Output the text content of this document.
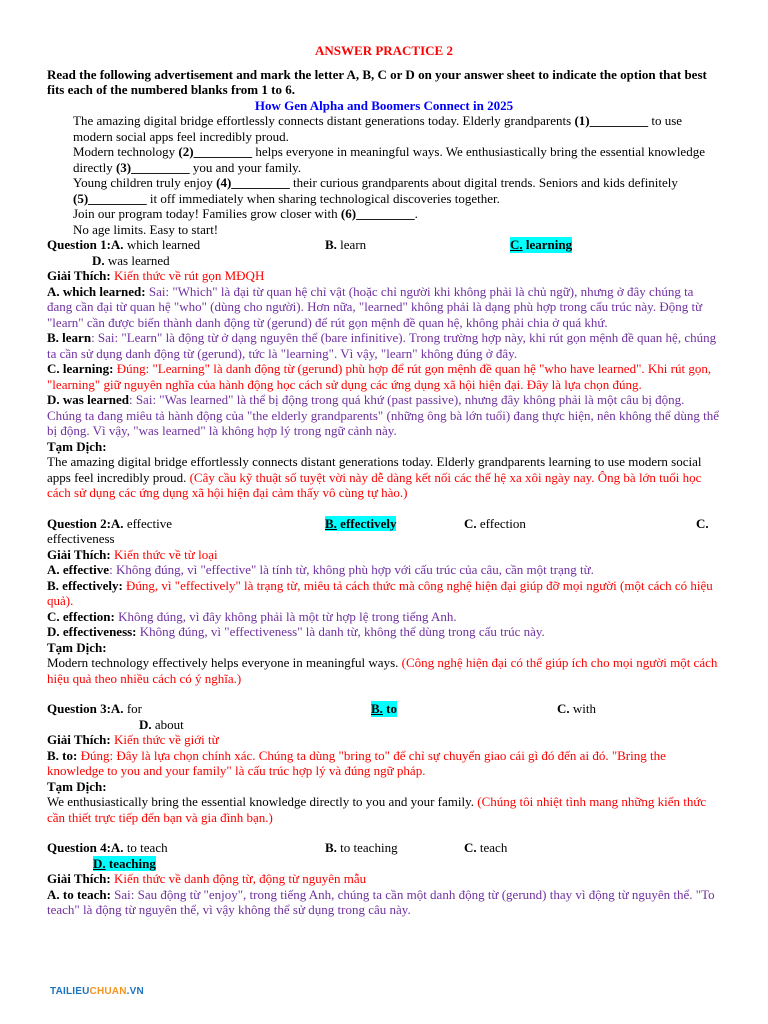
ANSWER PRACTICE 2
Read the following advertisement and mark the letter A, B, C or D on your answer sheet to indicate the option that best fits each of the numbered blanks from 1 to 6.
How Gen Alpha and Boomers Connect in 2025
The amazing digital bridge effortlessly connects distant generations today. Elderly grandparents (1)_________ to use modern social apps feel incredibly proud.
Modern technology (2)_________ helps everyone in meaningful ways. We enthusiastically bring the essential knowledge directly (3)_________ you and your family.
Young children truly enjoy (4)_________ their curious grandparents about digital trends. Seniors and kids definitely (5)_________ it off immediately when sharing technological discoveries together.
Join our program today! Families grow closer with (6)_________.
No age limits. Easy to start!
Question 1:A. which learned	B. learn	C. learning
D. was learned
Giải Thích: Kiến thức về rút gọn MĐQH
A. which learned: Sai: "Which" là đại từ quan hệ chỉ vật (hoặc chỉ người khi không phải là chủ ngữ), nhưng ở đây chúng ta đang cần đại từ quan hệ "who" (dùng cho người). Hơn nữa, "learned" không phải là dạng phù hợp trong cấu trúc này. Động từ "learn" cần được biến thành danh động từ (gerund) để rút gọn mệnh đề quan hệ, không phải chia ở quá khứ.
B. learn: Sai: "Learn" là động từ ở dạng nguyên thể (bare infinitive). Trong trường hợp này, khi rút gọn mệnh đề quan hệ, chúng ta cần sử dụng danh động từ (gerund), tức là "learning". Vì vậy, "learn" không đúng ở đây.
C. learning: Đúng: "Learning" là danh động từ (gerund) phù hợp để rút gọn mệnh đề quan hệ "who have learned". Khi rút gọn, "learning" giữ nguyên nghĩa của hành động học cách sử dụng các ứng dụng xã hội hiện đại. Đây là lựa chọn đúng.
D. was learned: Sai: "Was learned" là thể bị động trong quá khứ (past passive), nhưng đây không phải là một câu bị động. Chúng ta đang miêu tả hành động của "the elderly grandparents" (những ông bà lớn tuổi) đang thực hiện, nên không thể dùng thể bị động. Vì vậy, "was learned" là không hợp lý trong ngữ cảnh này.
Tạm Dịch:
The amazing digital bridge effortlessly connects distant generations today. Elderly grandparents learning to use modern social apps feel incredibly proud. (Cây cầu kỹ thuật số tuyệt vời này dễ dàng kết nối các thế hệ xa xôi ngày nay. Ông bà lớn tuổi học cách sử dụng các ứng dụng xã hội hiện đại cảm thấy vô cùng tự hào.)
Question 2:A. effective	B. effectively	C. effection	C.
effectiveness
Giải Thích: Kiến thức về từ loại
A. effective: Không đúng, vì "effective" là tính từ, không phù hợp với cấu trúc của câu, cần một trạng từ.
B. effectively: Đúng, vì "effectively" là trạng từ, miêu tả cách thức mà công nghệ hiện đại giúp đỡ mọi người (một cách có hiệu quả).
C. effection: Không đúng, vì đây không phải là một từ hợp lệ trong tiếng Anh.
D. effectiveness: Không đúng, vì "effectiveness" là danh từ, không thể dùng trong cấu trúc này.
Tạm Dịch:
Modern technology effectively helps everyone in meaningful ways. (Công nghệ hiện đại có thể giúp ích cho mọi người một cách hiệu quả theo nhiều cách có ý nghĩa.)
Question 3:A. for	B. to	C. with
D. about
Giải Thích: Kiến thức về giới từ
B. to: Đúng: Đây là lựa chọn chính xác. Chúng ta dùng "bring to" để chỉ sự chuyển giao cái gì đó đến ai đó. "Bring the knowledge to you and your family" là cấu trúc hợp lý và đúng ngữ pháp.
Tạm Dịch:
We enthusiastically bring the essential knowledge directly to you and your family. (Chúng tôi nhiệt tình mang những kiến thức cần thiết trực tiếp đến bạn và gia đình bạn.)
Question 4:A. to teach	B. to teaching	C. teach
D. teaching
Giải Thích: Kiến thức về danh động từ, động từ nguyên mẫu
A. to teach: Sai: Sau động từ "enjoy", trong tiếng Anh, chúng ta cần một danh động từ (gerund) thay vì động từ nguyên thể. "To teach" là động từ nguyên thể, vì vậy không thể sử dụng trong câu này.
TAILIEUCHUAN.VN
